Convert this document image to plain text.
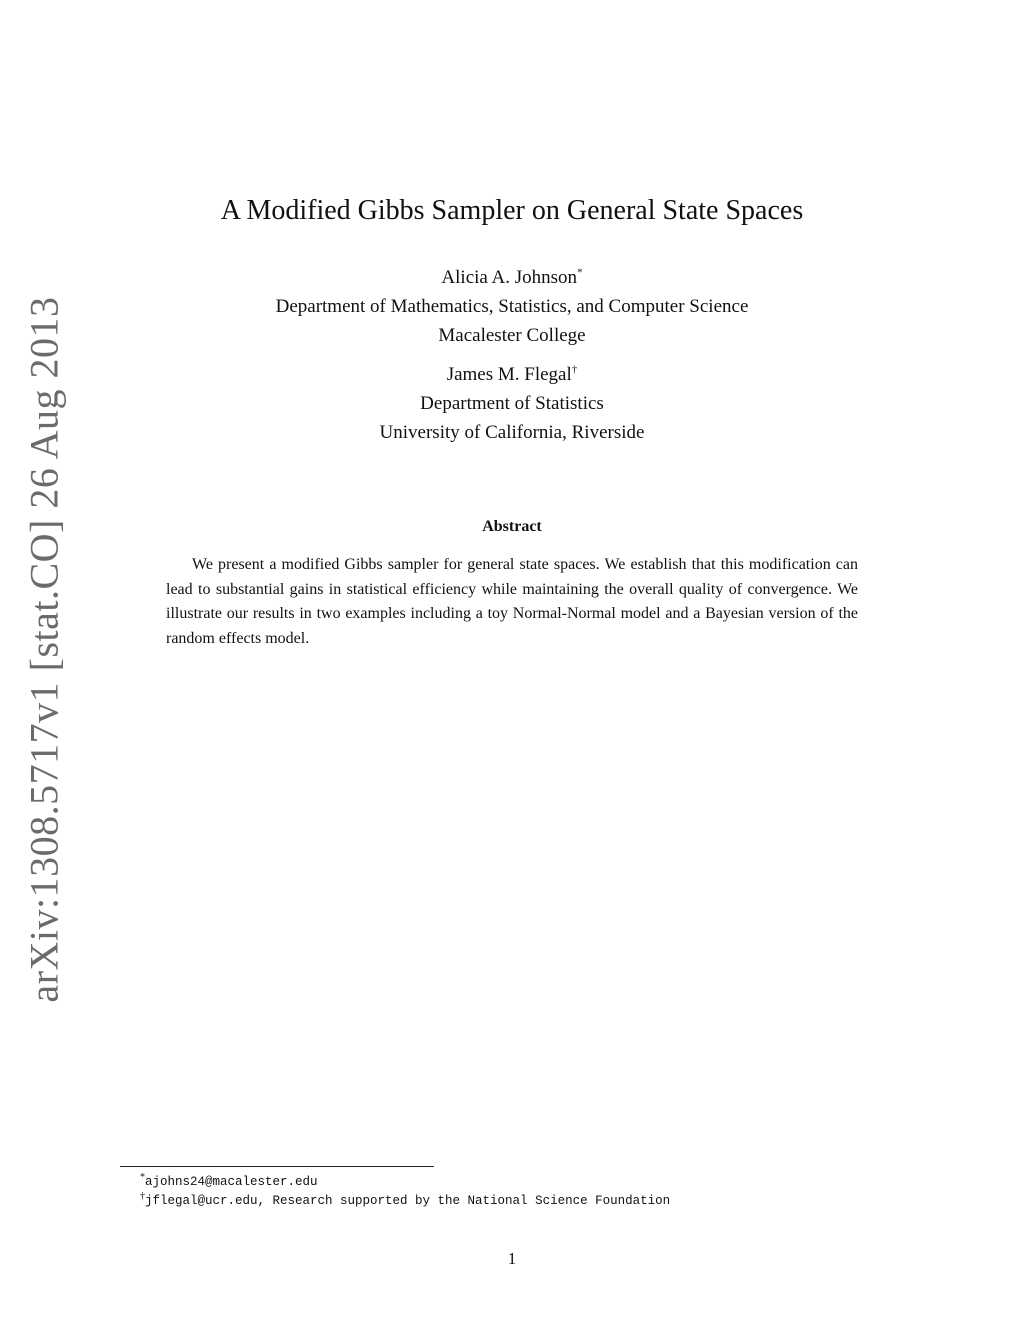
arXiv:1308.5717v1 [stat.CO] 26 Aug 2013
A Modified Gibbs Sampler on General State Spaces
Alicia A. Johnson*
Department of Mathematics, Statistics, and Computer Science
Macalester College
James M. Flegal†
Department of Statistics
University of California, Riverside
Abstract

We present a modified Gibbs sampler for general state spaces. We establish that this modification can lead to substantial gains in statistical efficiency while maintaining the overall quality of convergence. We illustrate our results in two examples including a toy Normal-Normal model and a Bayesian version of the random effects model.

*ajohns24@macalester.edu
†jflegal@ucr.edu, Research supported by the National Science Foundation
1
